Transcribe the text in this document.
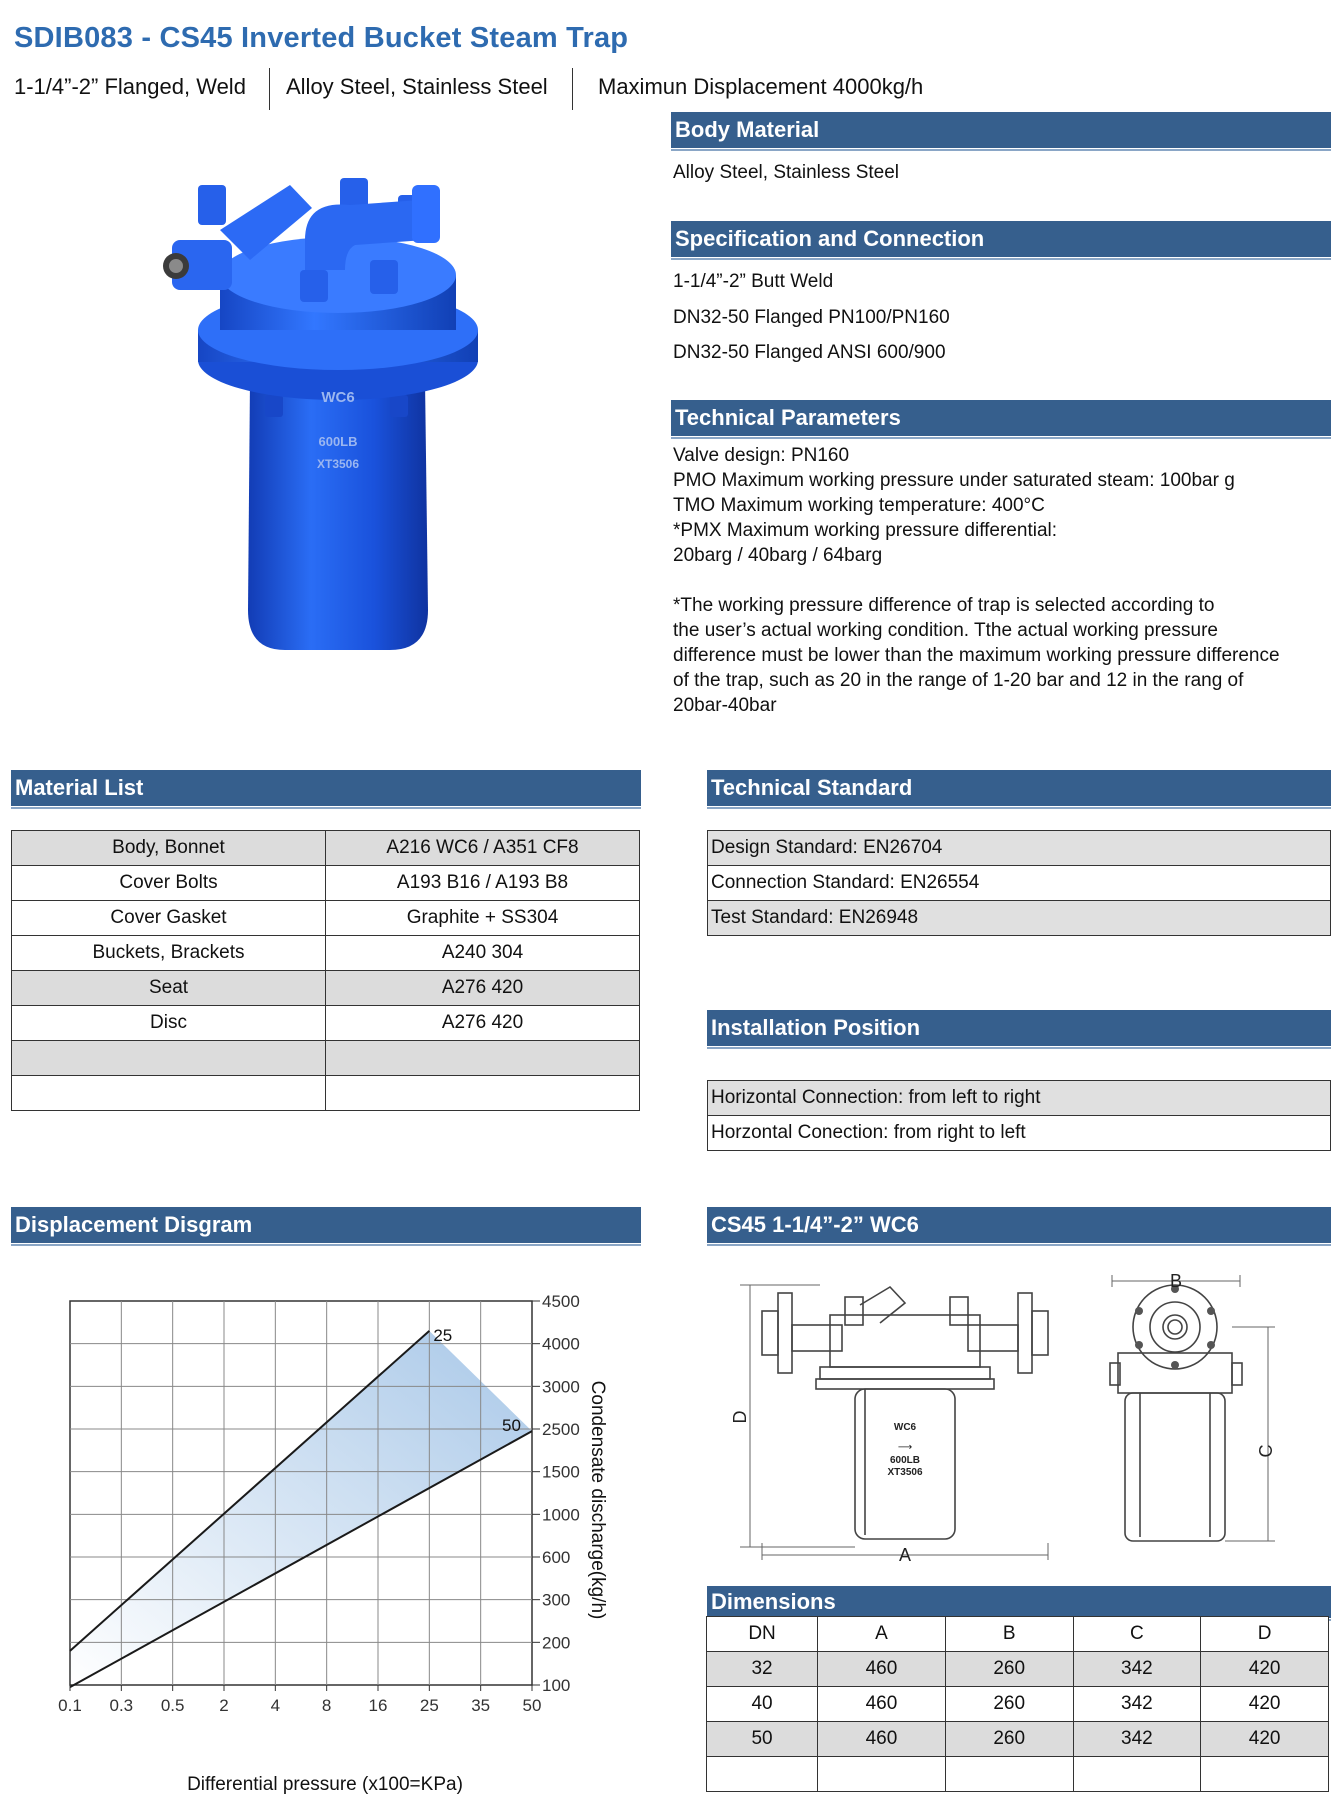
SDIB083 - CS45 Inverted Bucket Steam Trap
1-1/4”-2” Flanged, Weld Alloy Steel, Stainless Steel Maximun Displacement 4000kg/h
WC6
600LB
XT3506
Body Material
Alloy Steel, Stainless Steel
Specification and Connection
1-1/4”-2” Butt Weld
DN32-50 Flanged PN100/PN160
DN32-50 Flanged ANSI 600/900
Technical Parameters
Valve design: PN160
PMO Maximum working pressure under saturated steam: 100bar g
TMO Maximum working temperature: 400°C
*PMX Maximum working pressure differential:
20barg / 40barg / 64barg
*The working pressure difference of trap is selected according to
the user’s actual working condition. Tthe actual working pressure
difference must be lower than the maximum working pressure difference
of the trap, such as 20 in the range of 1-20 bar and 12 in the rang of
20bar-40bar
Material List
Body, Bonnet	A216 WC6 / A351 CF8
Cover Bolts	A193 B16 / A193 B8
Cover Gasket	Graphite + SS304
Buckets, Brackets	A240 304
Seat	A276 420
Disc	A276 420

Technical Standard
Design Standard: EN26704
Connection Standard: EN26554
Test Standard: EN26948
Installation Position
Horizontal Connection: from left to right
Horzontal Conection: from right to left
Displacement Disgram
25
50
0.1 0.3 0.5 2 4 8 16 25 35 50
100
200
300
600
1000
1500
2500
3000
4000
4500
Differential pressure (x100=KPa)
Condensate discharge(kg/h)
CS45 1-1/4”-2” WC6
WC6
⟶
600LB
XT3506
A
B
C
D
Dimensions
DN	A	B	C	D
32	460	260	342	420
40	460	260	342	420
50	460	260	342	420
